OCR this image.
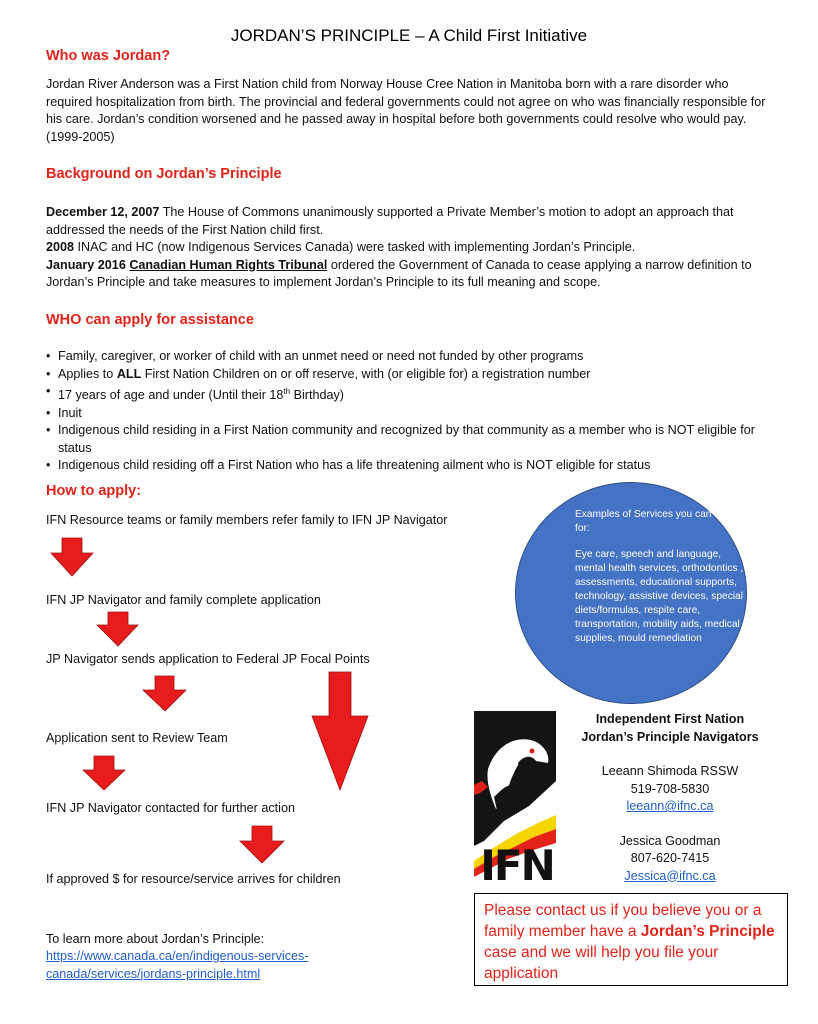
JORDAN’S PRINCIPLE – A Child First Initiative
Who was Jordan?
Jordan River Anderson was a First Nation child from Norway House Cree Nation in Manitoba born with a rare disorder who required hospitalization from birth. The provincial and federal governments could not agree on who was financially responsible for his care. Jordan’s condition worsened and he passed away in hospital before both governments could resolve who would pay. (1999-2005)
Background on Jordan’s Principle
December 12, 2007 The House of Commons unanimously supported a Private Member’s motion to adopt an approach that addressed the needs of the First Nation child first.
2008 INAC and HC (now Indigenous Services Canada) were tasked with implementing Jordan’s Principle.
January 2016 Canadian Human Rights Tribunal ordered the Government of Canada to cease applying a narrow definition to Jordan’s Principle and take measures to implement Jordan’s Principle to its full meaning and scope.
WHO can apply for assistance
• Family, caregiver, or worker of child with an unmet need or need not funded by other programs
• Applies to ALL First Nation Children on or off reserve, with (or eligible for) a registration number
• 17 years of age and under (Until their 18th Birthday)
• Inuit
• Indigenous child residing in a First Nation community and recognized by that community as a member who is NOT eligible for status
• Indigenous child residing off a First Nation who has a life threatening ailment who is NOT eligible for status
How to apply:
IFN Resource teams or family members refer family to IFN JP Navigator
IFN JP Navigator and family complete application
JP Navigator sends application to Federal JP Focal Points
Application sent to Review Team
IFN JP Navigator contacted for further action
If approved $ for resource/service arrives for children
To learn more about Jordan’s Principle:
https://www.canada.ca/en/indigenous-services-
canada/services/jordans-principle.html
Examples of Services you can apply for:
Eye care, speech and language, mental health services, orthodontics , assessments, educational supports, technology, assistive devices, special diets/formulas, respite care, transportation, mobility aids, medical supplies, mould remediation
IFN
Independent First Nation
Jordan’s Principle Navigators
Leeann Shimoda RSSW
519-708-5830
leeann@ifnc.ca
Jessica Goodman
807-620-7415
Jessica@ifnc.ca
Please contact us if you believe you or a family member have a Jordan’s Principle case and we will help you file your application
